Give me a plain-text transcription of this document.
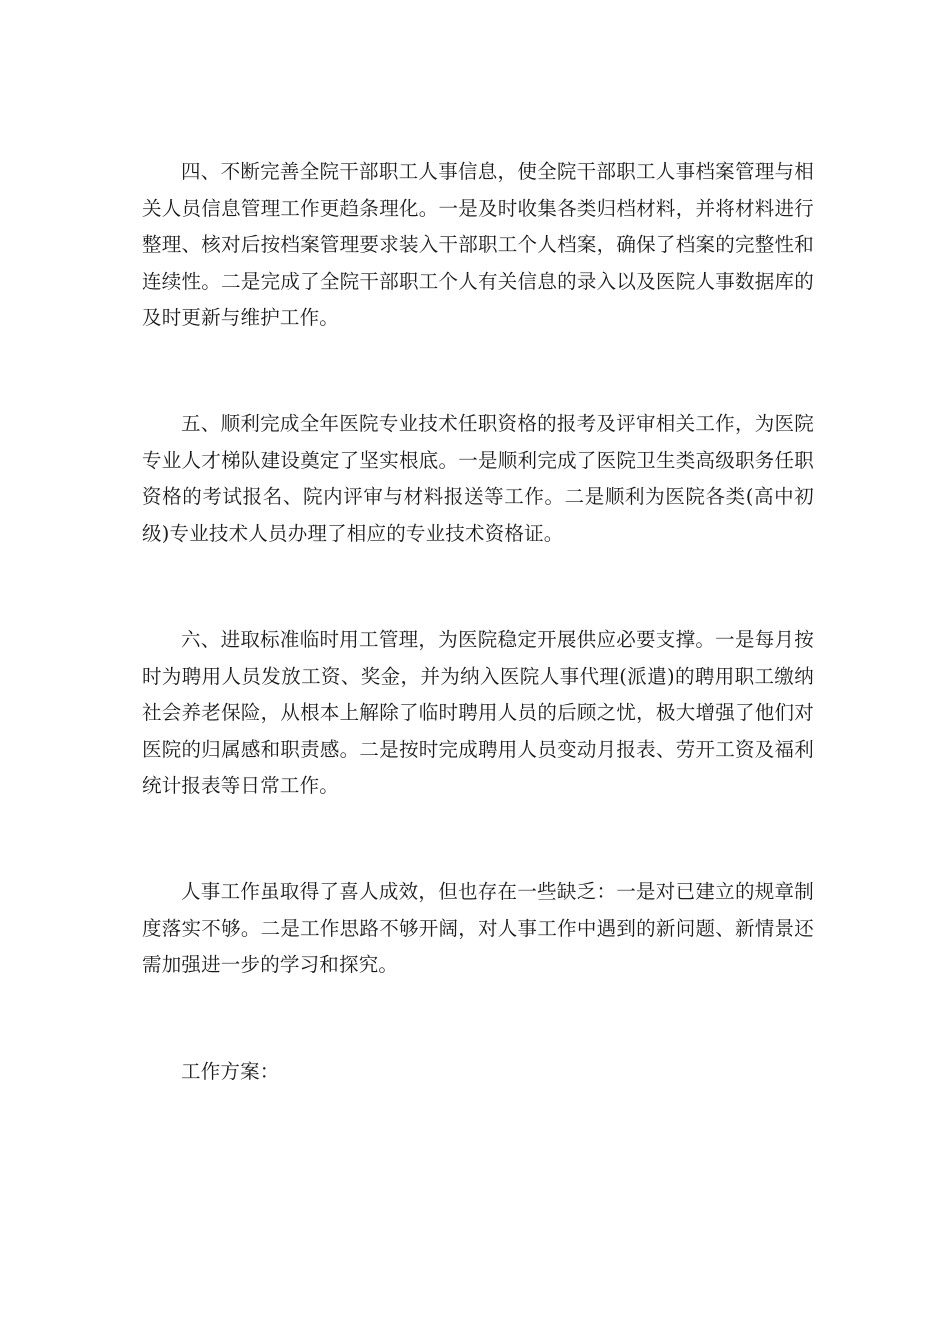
四、不断完善全院干部职工人事信息，使全院干部职工人事档案管理与相关人员信息管理工作更趋条理化。一是及时收集各类归档材料，并将材料进行整理、核对后按档案管理要求装入干部职工个人档案，确保了档案的完整性和连续性。二是完成了全院干部职工个人有关信息的录入以及医院人事数据库的及时更新与维护工作。

五、顺利完成全年医院专业技术任职资格的报考及评审相关工作，为医院专业人才梯队建设奠定了坚实根底。一是顺利完成了医院卫生类高级职务任职资格的考试报名、院内评审与材料报送等工作。二是顺利为医院各类(高中初级)专业技术人员办理了相应的专业技术资格证。

六、进取标准临时用工管理，为医院稳定开展供应必要支撑。一是每月按时为聘用人员发放工资、奖金，并为纳入医院人事代理(派遣)的聘用职工缴纳社会养老保险，从根本上解除了临时聘用人员的后顾之忧，极大增强了他们对医院的归属感和职责感。二是按时完成聘用人员变动月报表、劳开工资及福利统计报表等日常工作。

人事工作虽取得了喜人成效，但也存在一些缺乏：一是对已建立的规章制度落实不够。二是工作思路不够开阔，对人事工作中遇到的新问题、新情景还需加强进一步的学习和探究。

工作方案：
